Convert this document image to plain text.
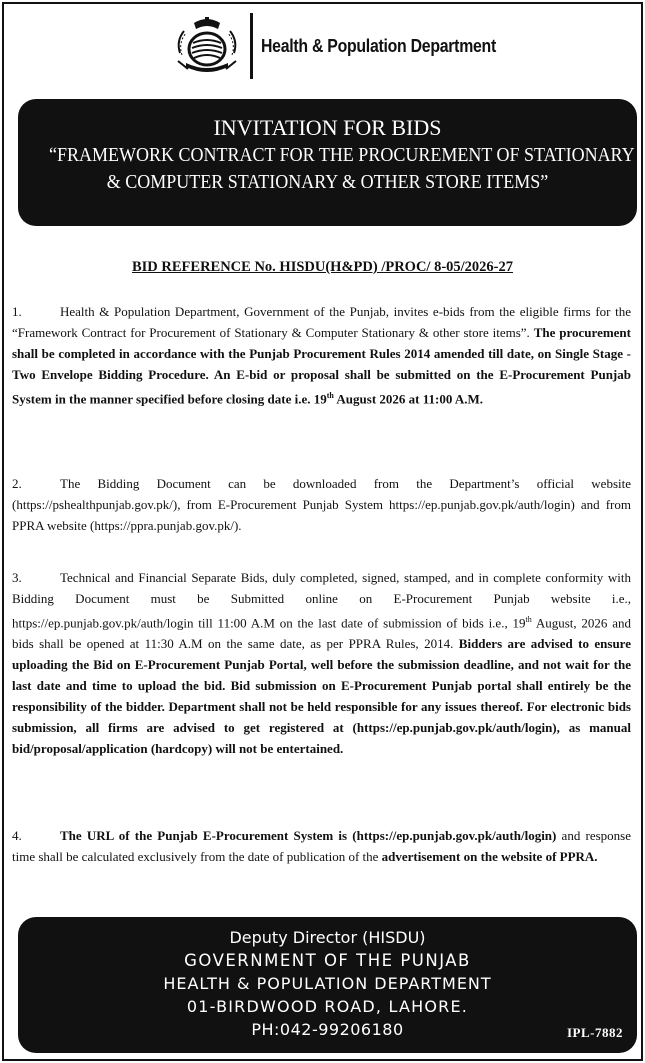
Health & Population Department
INVITATION FOR BIDS
“FRAMEWORK CONTRACT FOR THE PROCUREMENT OF STATIONARY
& COMPUTER STATIONARY & OTHER STORE ITEMS”
BID REFERENCE No. HISDU(H&PD) /PROC/ 8-05/2026-27
1.	Health & Population Department, Government of the Punjab, invites e-bids from the eligible firms for the “Framework Contract for Procurement of Stationary & Computer Stationary & other store items”. The procurement shall be completed in accordance with the Punjab Procurement Rules 2014 amended till date, on Single Stage - Two Envelope Bidding Procedure. An E-bid or proposal shall be submitted on the E-Procurement Punjab System in the manner specified before closing date i.e. 19th August 2026 at 11:00 A.M.
2.	The Bidding Document can be downloaded from the Department’s official website (https://pshealthpunjab.gov.pk/), from E-Procurement Punjab System https://ep.punjab.gov.pk/auth/login) and from PPRA website (https://ppra.punjab.gov.pk/).
3.	Technical and Financial Separate Bids, duly completed, signed, stamped, and in complete conformity with Bidding Document must be Submitted online on E-Procurement Punjab website i.e., https://ep.punjab.gov.pk/auth/login till 11:00 A.M on the last date of submission of bids i.e., 19th August, 2026 and bids shall be opened at 11:30 A.M on the same date, as per PPRA Rules, 2014. Bidders are advised to ensure uploading the Bid on E-Procurement Punjab Portal, well before the submission deadline, and not wait for the last date and time to upload the bid. Bid submission on E-Procurement Punjab portal shall entirely be the responsibility of the bidder. Department shall not be held responsible for any issues thereof. For electronic bids submission, all firms are advised to get registered at (https://ep.punjab.gov.pk/auth/login), as manual bid/proposal/application (hardcopy) will not be entertained.
4.	The URL of the Punjab E-Procurement System is (https://ep.punjab.gov.pk/auth/login) and response time shall be calculated exclusively from the date of publication of the advertisement on the website of PPRA.
Deputy Director (HISDU)
GOVERNMENT OF THE PUNJAB
HEALTH & POPULATION DEPARTMENT
01-BIRDWOOD ROAD, LAHORE.
PH:042-99206180	IPL-7882
